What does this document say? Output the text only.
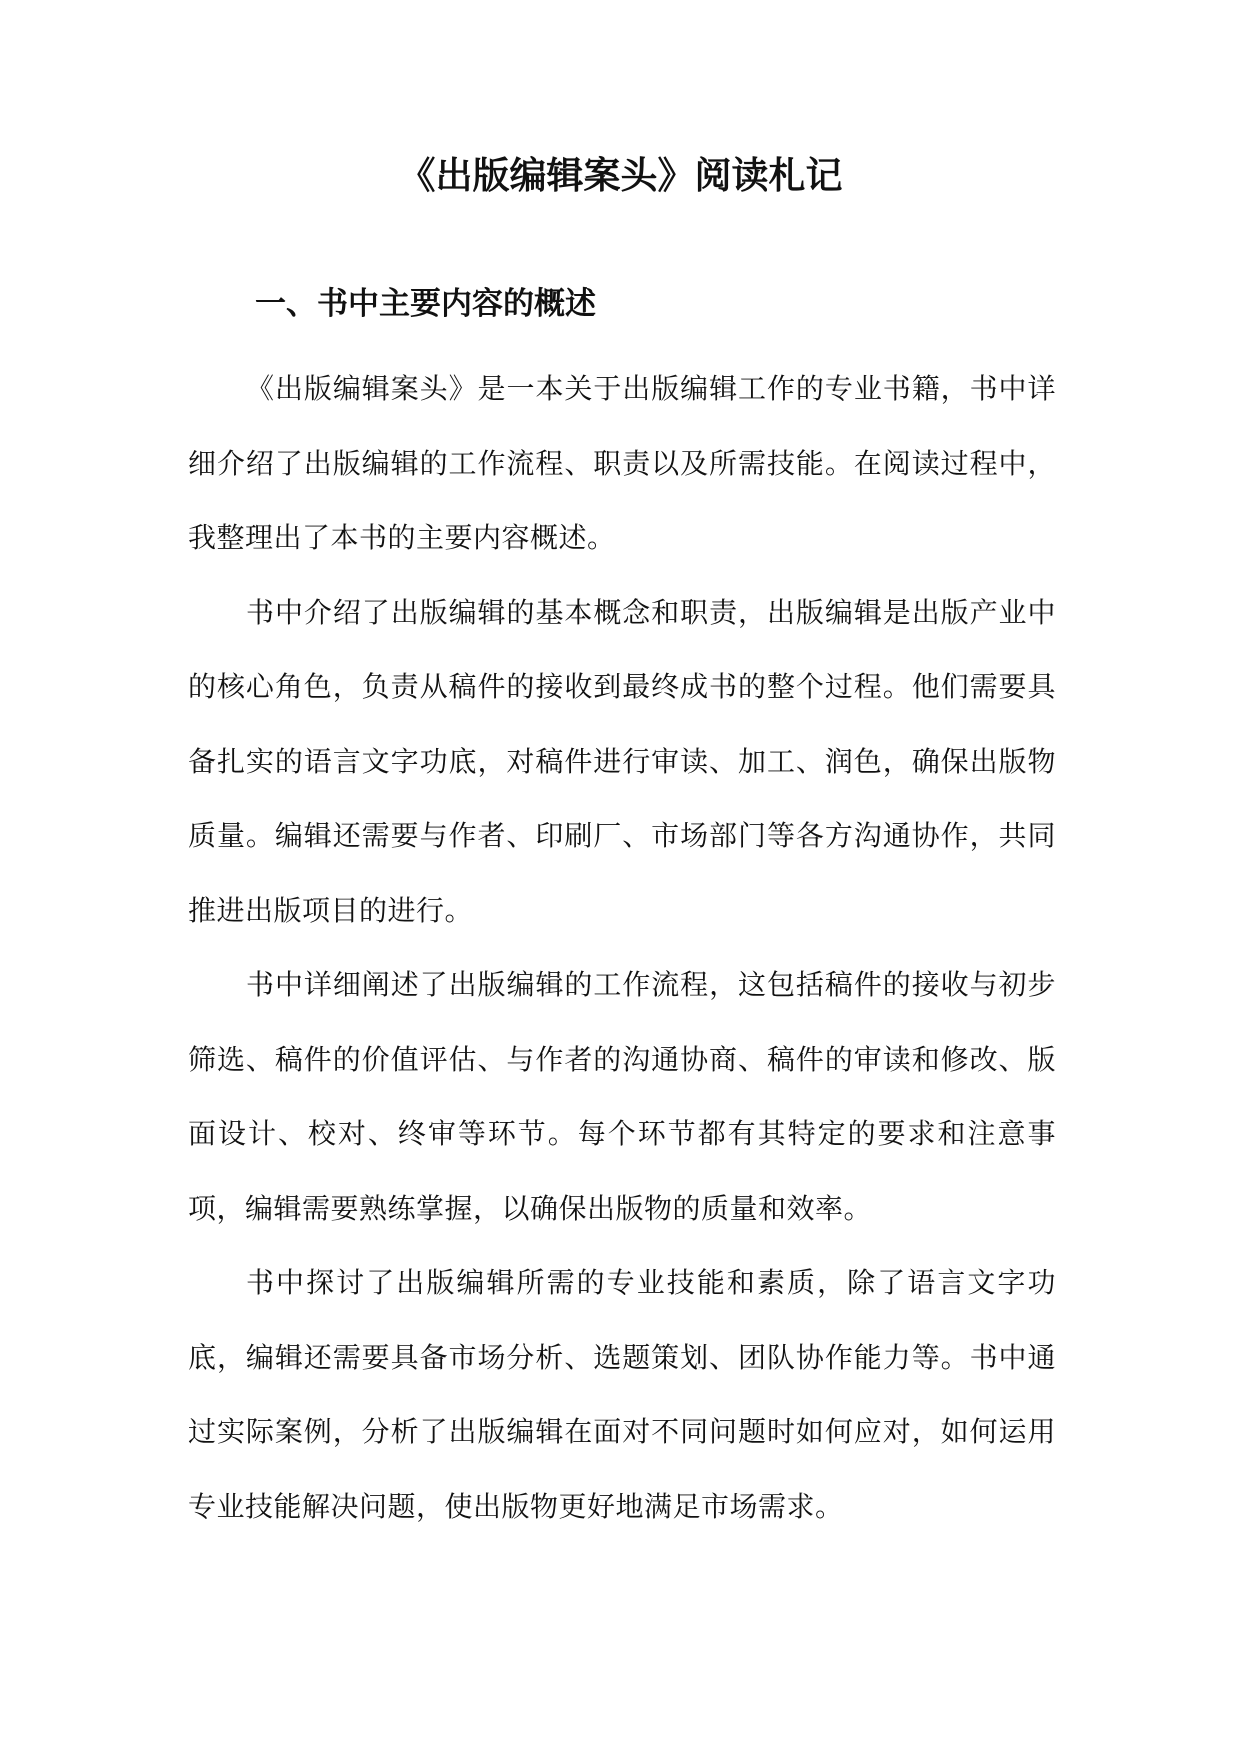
《出版编辑案头》阅读札记
一、书中主要内容的概述

《出版编辑案头》是一本关于出版编辑工作的专业书籍，书中详细介绍了出版编辑的工作流程、职责以及所需技能。在阅读过程中，我整理出了本书的主要内容概述。

书中介绍了出版编辑的基本概念和职责，出版编辑是出版产业中的核心角色，负责从稿件的接收到最终成书的整个过程。他们需要具备扎实的语言文字功底，对稿件进行审读、加工、润色，确保出版物质量。编辑还需要与作者、印刷厂、市场部门等各方沟通协作，共同推进出版项目的进行。

书中详细阐述了出版编辑的工作流程，这包括稿件的接收与初步筛选、稿件的价值评估、与作者的沟通协商、稿件的审读和修改、版面设计、校对、终审等环节。每个环节都有其特定的要求和注意事项，编辑需要熟练掌握，以确保出版物的质量和效率。

书中探讨了出版编辑所需的专业技能和素质，除了语言文字功底，编辑还需要具备市场分析、选题策划、团队协作能力等。书中通过实际案例，分析了出版编辑在面对不同问题时如何应对，如何运用专业技能解决问题，使出版物更好地满足市场需求。
